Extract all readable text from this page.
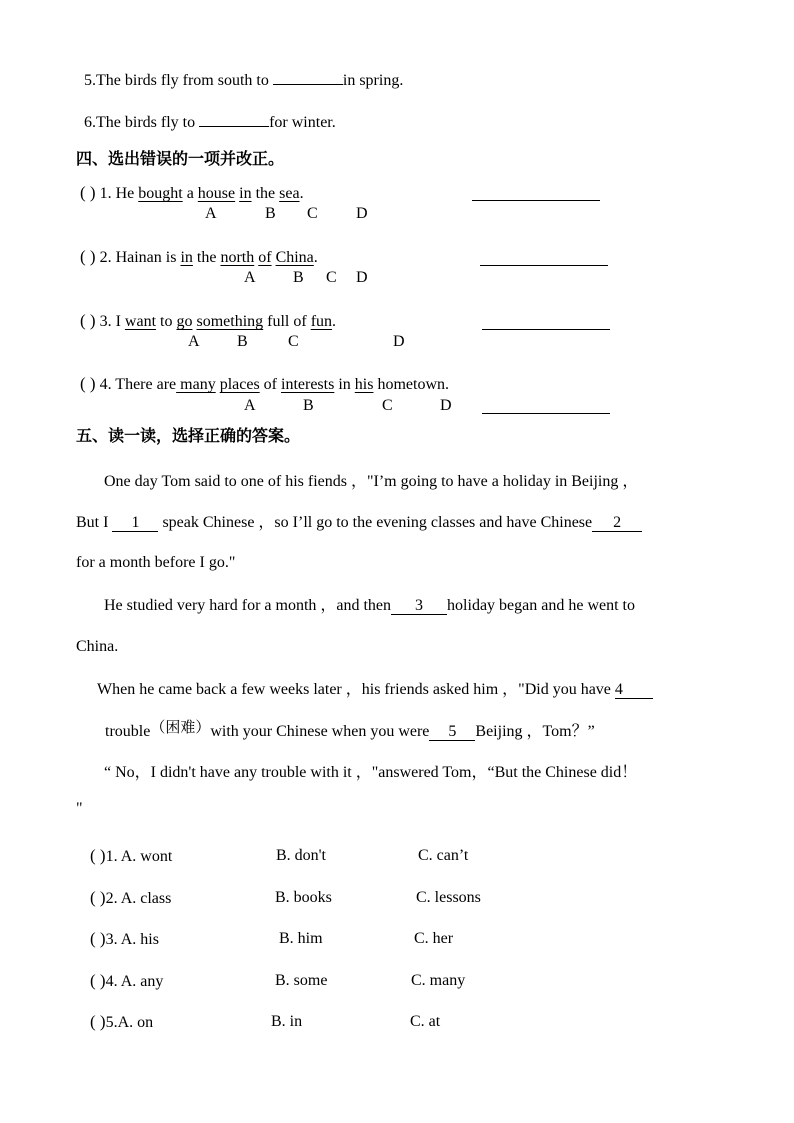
5.The birds fly from south to	in spring.
6.The birds fly to	for winter.
四、选出错误的一项并改正。
( ) 1. He bought a house in the sea.
A	B C D
( ) 2. Hainan is in the north of China.
A B C D
( ) 3. I want to go something full of fun.
A B	C	D
( ) 4. There are many places of interests in his hometown.
A	B	C	D
五、读一读，选择正确的答案。
One day Tom said to one of his fiends ，"I’m going to have a holiday in Beijing ，
But I 1 speak Chinese ，so I’ll go to the evening classes and have Chinese 2
for a month before I go."
He studied very hard for a month ，and then 3 holiday began and he went to
China.
When he came back a few weeks later ，his friends asked him ，"Did you have 4
trouble（困难）with your Chinese when you were 5 Beijing ，Tom？”
“ No，I didn't have any trouble with it ，"answered Tom，“But the Chinese did！
"
( )1. A. wont	B. don't	C. can’t
( )2. A. class	B. books	C. lessons
( )3. A. his	B. him	C. her
( )4. A. any	B. some	C. many
( )5.A. on	B. in	C. at
